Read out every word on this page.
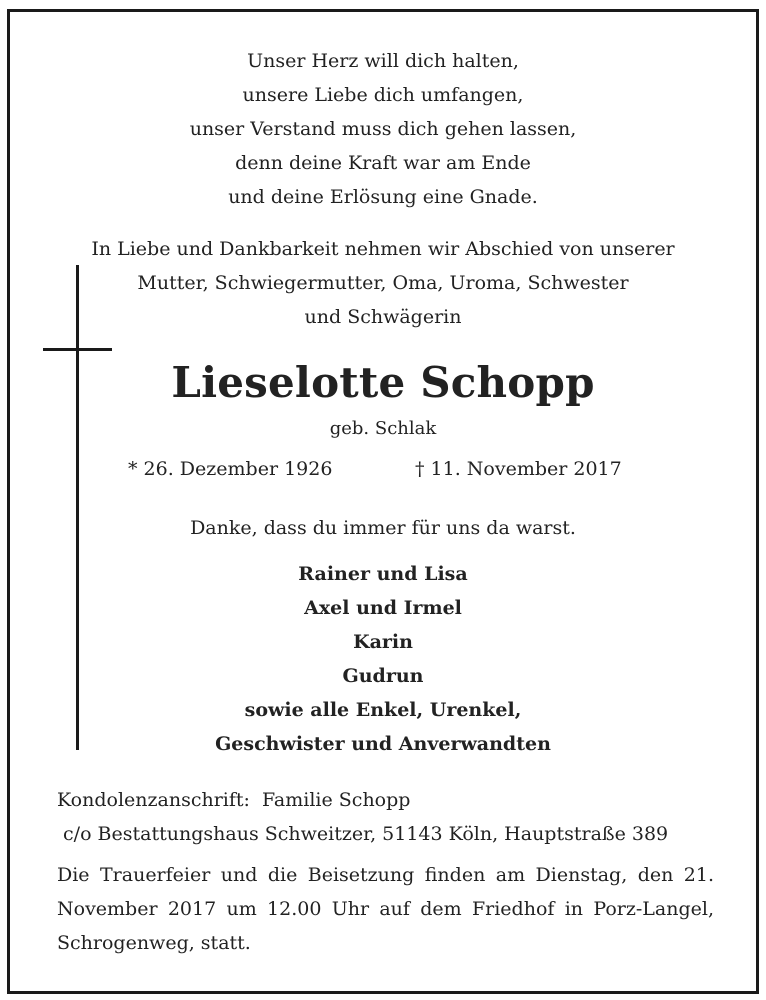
Unser Herz will dich halten,
unsere Liebe dich umfangen,
unser Verstand muss dich gehen lassen,
denn deine Kraft war am Ende
und deine Erlösung eine Gnade.
In Liebe und Dankbarkeit nehmen wir Abschied von unserer
Mutter, Schwiegermutter, Oma, Uroma, Schwester
und Schwägerin
Lieselotte Schopp
geb. Schlak
* 26. Dezember 1926	† 11. November 2017
Danke, dass du immer für uns da warst.
Rainer und Lisa
Axel und Irmel
Karin
Gudrun
sowie alle Enkel, Urenkel,
Geschwister und Anverwandten
Kondolenzanschrift:  Familie Schopp
c/o Bestattungshaus Schweitzer, 51143 Köln, Hauptstraße 389
Die Trauerfeier und die Beisetzung finden am Dienstag, den 21. November 2017 um 12.00 Uhr auf dem Friedhof in Porz-Langel, Schrogenweg, statt.
